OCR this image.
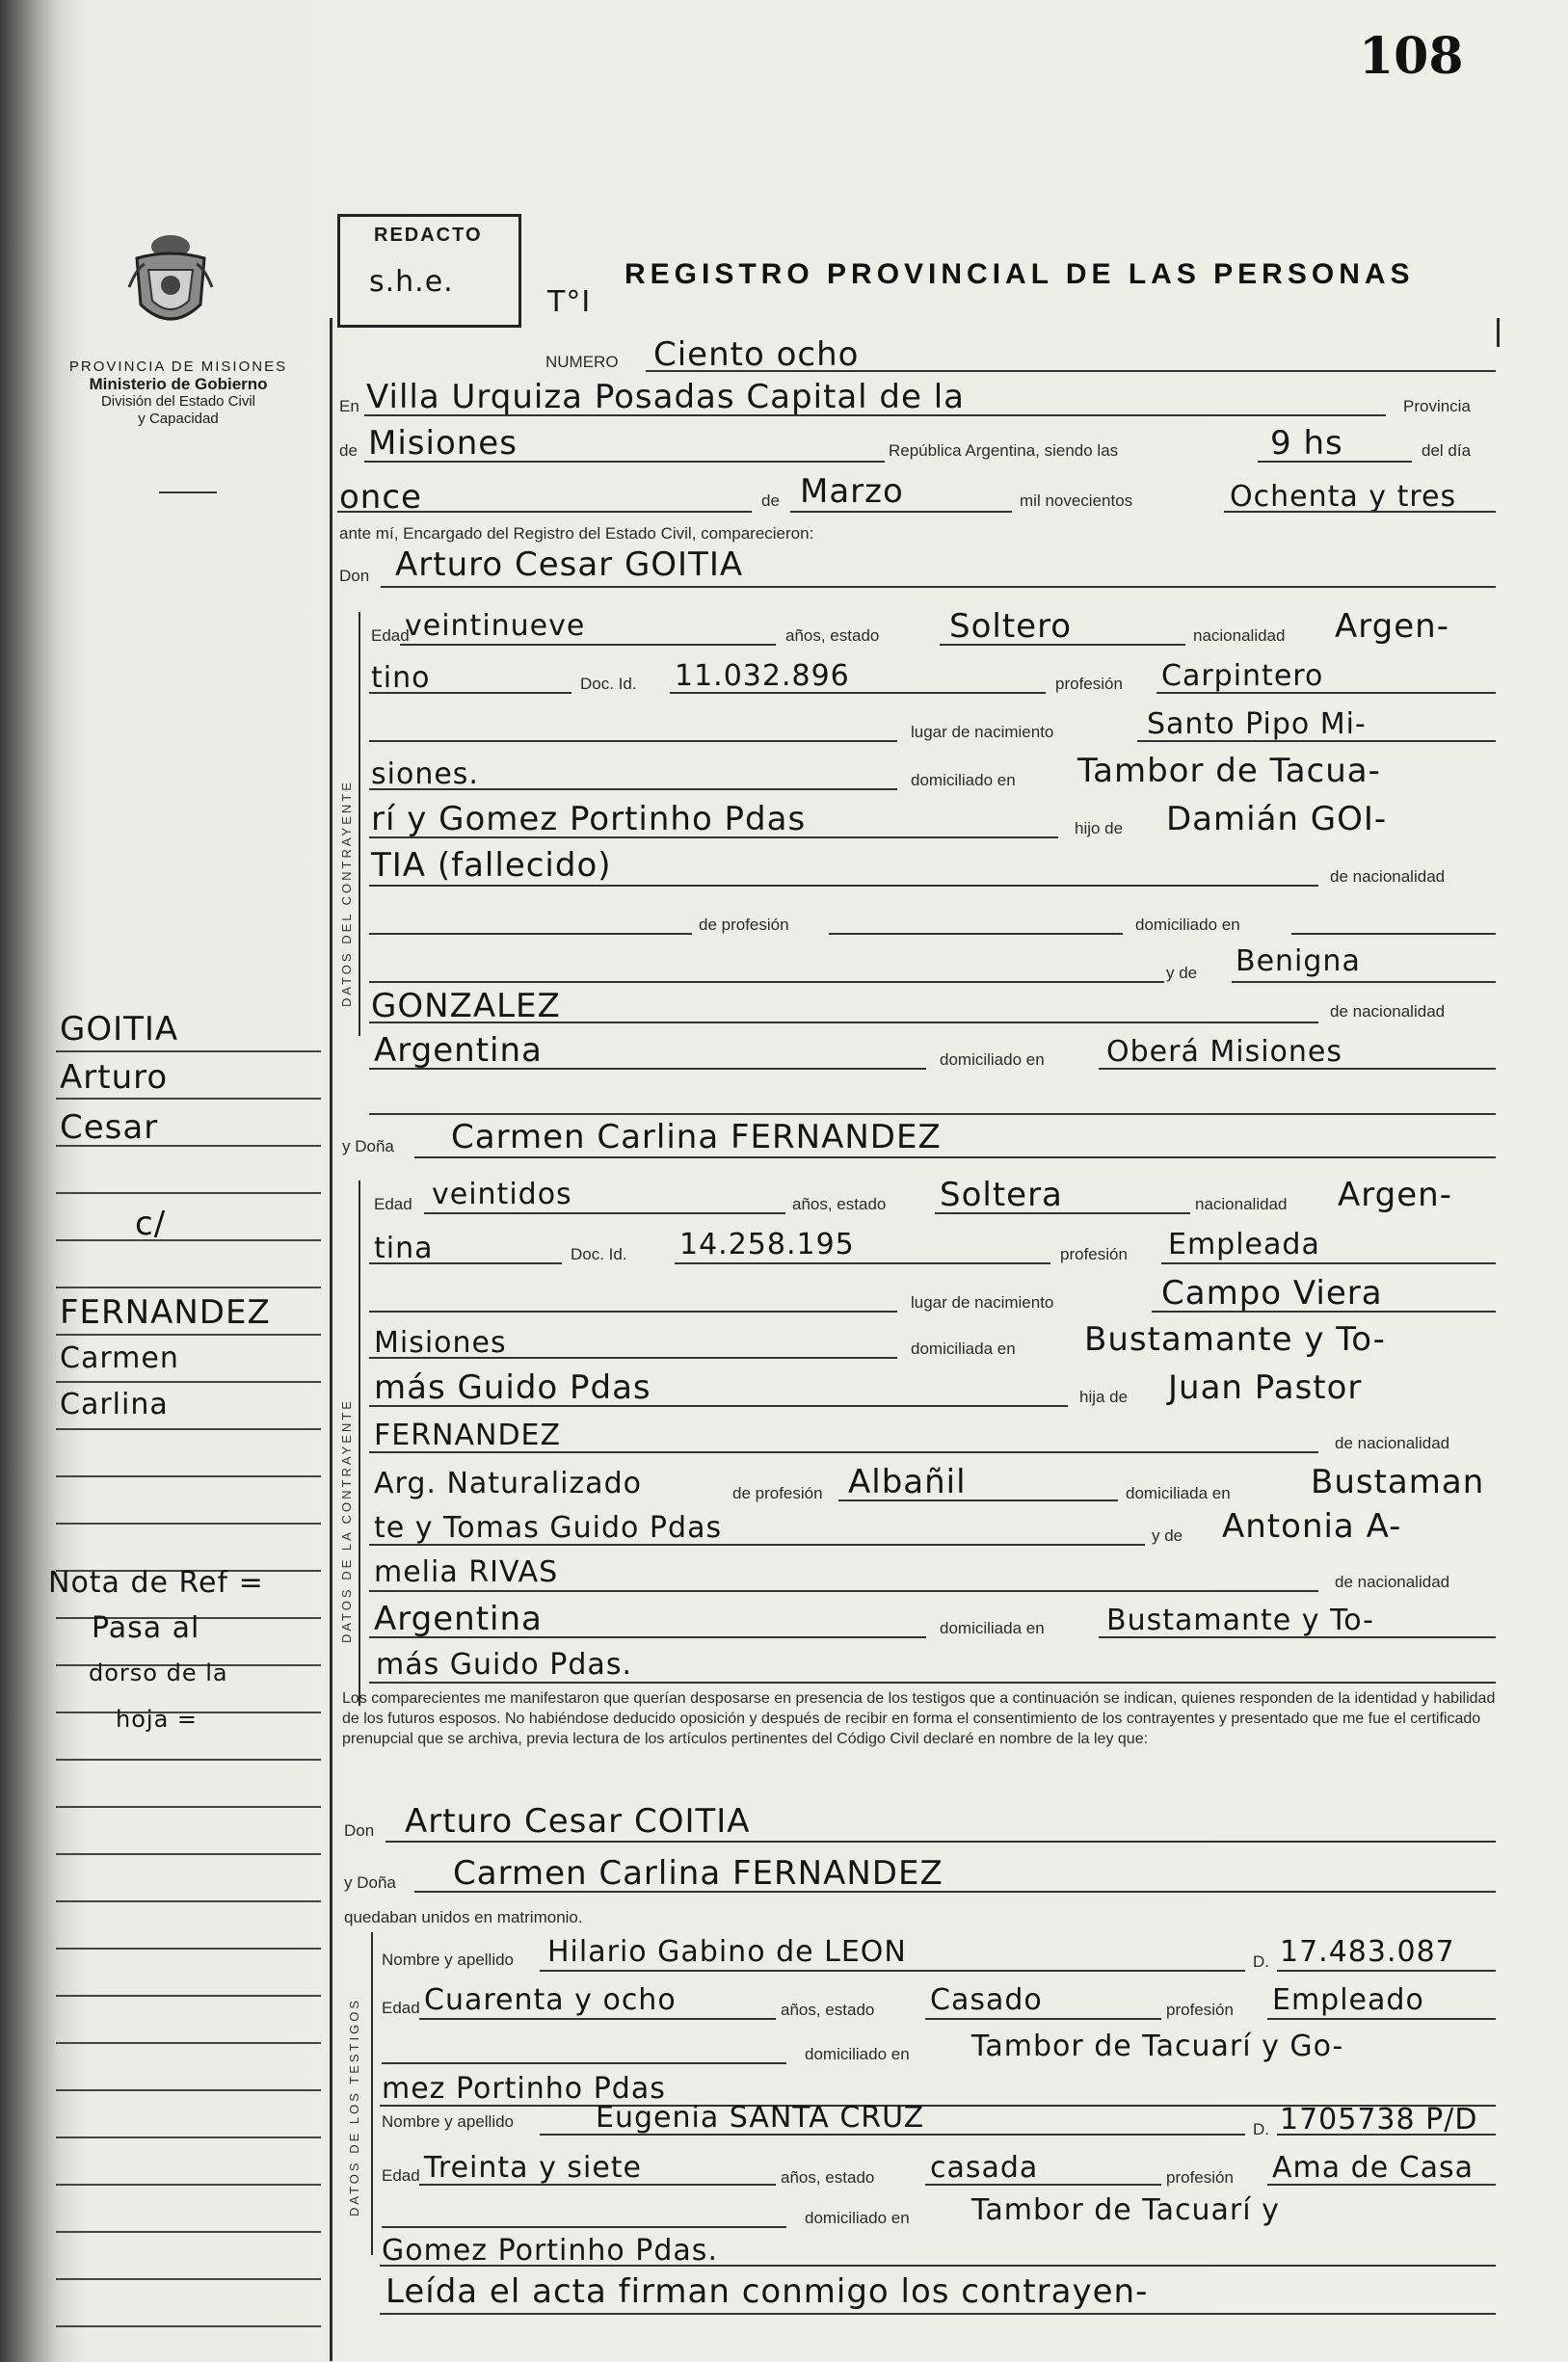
108
PROVINCIA DE MISIONES
Ministerio de Gobierno
División del Estado Civil
y Capacidad
REDACTO
s.h.e.	REGISTRO PROVINCIAL DE LAS PERSONAS
T°I
NUMERO Ciento ocho
En Villa Urquiza Posadas Capital de la	Provincia
de Misiones	República Argentina, siendo las	9 hs	del día
once	de Marzo	mil novecientos	Ochenta y tres
ante mí, Encargado del Registro del Estado Civil, comparecieron:
Don Arturo Cesar GOITIA
DATOS DEL CONTRAYENTE
Edad
veintinueve	años, estado Soltero	nacionalidad Argen-
tino	Doc. Id. 11.032.896	profesión Carpintero
lugar de nacimiento	Santo Pipo Mi-
siones.	domiciliado en Tambor de Tacua-
rí y Gomez Portinho Pdas	hijo de Damián GOI-
TIA (fallecido)	de nacionalidad
de profesión	domiciliado en
y de Benigna
GONZALEZ	de nacionalidad
Argentina	domiciliado en Oberá Misiones
y Doña Carmen Carlina FERNANDEZ
DATOS DE LA CONTRAYENTE
Edad veintidos	años, estado Soltera	nacionalidad Argen-
tina	Doc. Id. 14.258.195	profesión Empleada
lugar de nacimiento	Campo Viera
Misiones	domiciliada en Bustamante y To-
más Guido Pdas	hija de Juan Pastor
FERNANDEZ	de nacionalidad
Arg. Naturalizado	de profesión Albañil	domiciliada en Bustaman
te y Tomas Guido Pdas	y de Antonia A-
melia RIVAS	de nacionalidad
Argentina	domiciliada en Bustamante y To-
más Guido Pdas.
Los comparecientes me manifestaron que querían desposarse en presencia de los testigos que a continuación se indican, quienes responden de la identidad y habilidad de los futuros esposos. No habiéndose deducido oposición y después de recibir en forma el consentimiento de los contrayentes y presentado que me fue el certificado prenupcial que se archiva, previa lectura de los artículos pertinentes del Código Civil declaré en nombre de la ley que:
Don Arturo Cesar COITIA
y Doña Carmen Carlina FERNANDEZ
quedaban unidos en matrimonio.
DATOS DE LOS TESTIGOS
Nombre y apellido Hilario Gabino de LEON	D. 17.483.087
Edad Cuarenta y ocho	años, estado Casado	profesión Empleado
domiciliado en Tambor de Tacuarí y Go-
mez Portinho Pdas
Nombre y apellido	Eugenia SANTA CRUZ	D. 1705738 P/D
Edad Treinta y siete	años, estado casada	profesión Ama de Casa
domiciliado en Tambor de Tacuarí y
Gomez Portinho Pdas.
Leída el acta firman conmigo los contrayen-
GOITIA
Arturo
Cesar
c/
FERNANDEZ
Carmen
Carlina
Nota de Ref =
Pasa al
dorso de la
hoja =
